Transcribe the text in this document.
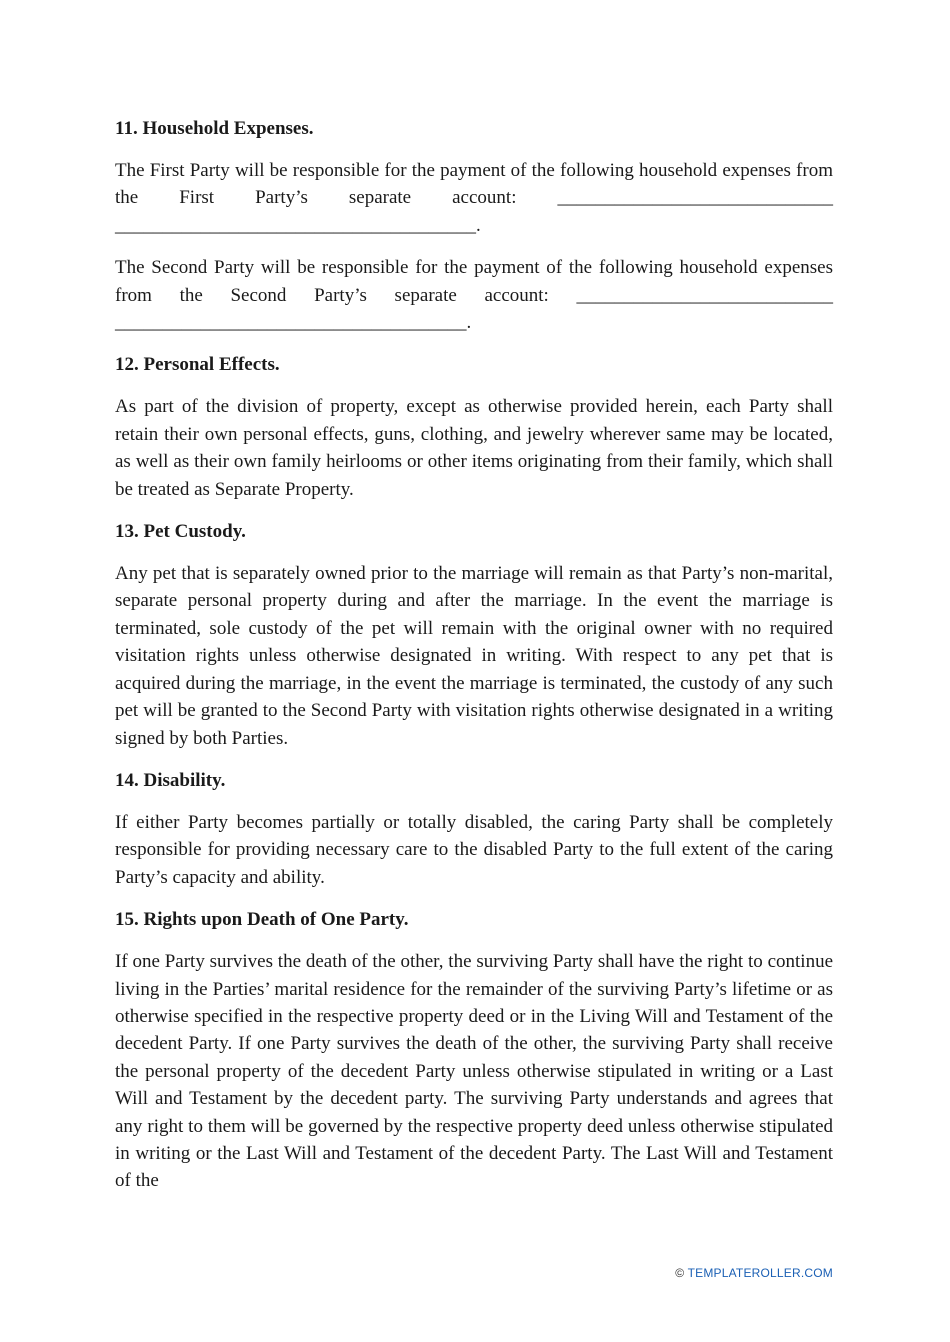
11. Household Expenses.

The First Party will be responsible for the payment of the following household expenses from the First Party’s separate account: _____________________________ ______________________________________.

The Second Party will be responsible for the payment of the following household expenses from the Second Party’s separate account: ___________________________ _____________________________________.

12. Personal Effects.

As part of the division of property, except as otherwise provided herein, each Party shall retain their own personal effects, guns, clothing, and jewelry wherever same may be located, as well as their own family heirlooms or other items originating from their family, which shall be treated as Separate Property.

13. Pet Custody.

Any pet that is separately owned prior to the marriage will remain as that Party’s non-marital, separate personal property during and after the marriage. In the event the marriage is terminated, sole custody of the pet will remain with the original owner with no required visitation rights unless otherwise designated in writing. With respect to any pet that is acquired during the marriage, in the event the marriage is terminated, the custody of any such pet will be granted to the Second Party with visitation rights otherwise designated in a writing signed by both Parties.

14. Disability.

If either Party becomes partially or totally disabled, the caring Party shall be completely responsible for providing necessary care to the disabled Party to the full extent of the caring Party’s capacity and ability.

15. Rights upon Death of One Party.

If one Party survives the death of the other, the surviving Party shall have the right to continue living in the Parties’ marital residence for the remainder of the surviving Party’s lifetime or as otherwise specified in the respective property deed or in the Living Will and Testament of the decedent Party. If one Party survives the death of the other, the surviving Party shall receive the personal property of the decedent Party unless otherwise stipulated in writing or a Last Will and Testament by the decedent party. The surviving Party understands and agrees that any right to them will be governed by the respective property deed unless otherwise stipulated in writing or the Last Will and Testament of the decedent Party. The Last Will and Testament of the

© TEMPLATEROLLER.COM
